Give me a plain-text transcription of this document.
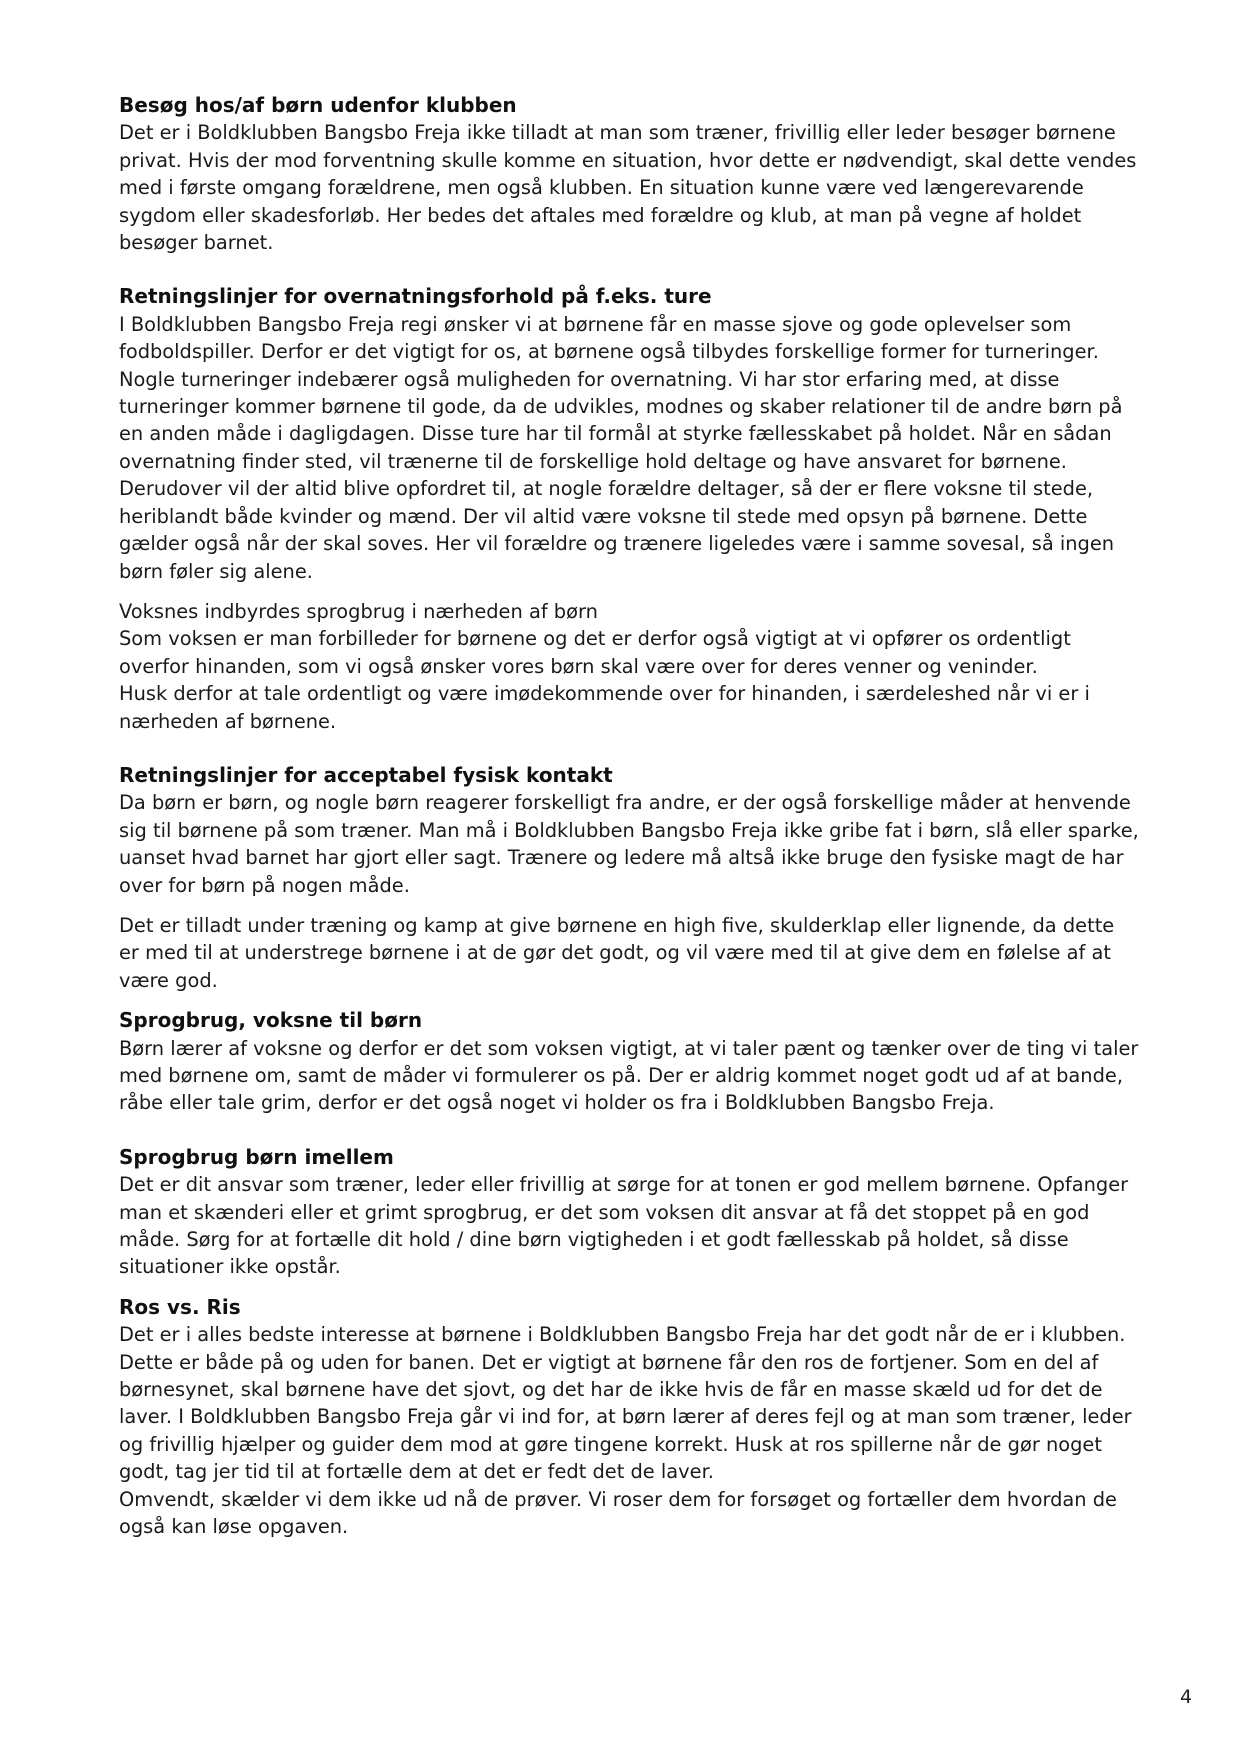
Besøg hos/af børn udenfor klubben

Det er i Boldklubben Bangsbo Freja ikke tilladt at man som træner, frivillig eller leder besøger børnene privat. Hvis der mod forventning skulle komme en situation, hvor dette er nødvendigt, skal dette vendes med i første omgang forældrene, men også klubben. En situation kunne være ved længerevarende sygdom eller skadesforløb. Her bedes det aftales med forældre og klub, at man på vegne af holdet besøger barnet.

Retningslinjer for overnatningsforhold på f.eks. ture

I Boldklubben Bangsbo Freja regi ønsker vi at børnene får en masse sjove og gode oplevelser som fodboldspiller. Derfor er det vigtigt for os, at børnene også tilbydes forskellige former for turneringer. Nogle turneringer indebærer også muligheden for overnatning. Vi har stor erfaring med, at disse turneringer kommer børnene til gode, da de udvikles, modnes og skaber relationer til de andre børn på en anden måde i dagligdagen. Disse ture har til formål at styrke fællesskabet på holdet. Når en sådan overnatning finder sted, vil trænerne til de forskellige hold deltage og have ansvaret for børnene. Derudover vil der altid blive opfordret til, at nogle forældre deltager, så der er flere voksne til stede, heriblandt både kvinder og mænd. Der vil altid være voksne til stede med opsyn på børnene. Dette gælder også når der skal soves. Her vil forældre og trænere ligeledes være i samme sovesal, så ingen børn føler sig alene.

Voksnes indbyrdes sprogbrug i nærheden af børn

Som voksen er man forbilleder for børnene og det er derfor også vigtigt at vi opfører os ordentligt overfor hinanden, som vi også ønsker vores børn skal være over for deres venner og veninder.

Husk derfor at tale ordentligt og være imødekommende over for hinanden, i særdeleshed når vi er i nærheden af børnene.

Retningslinjer for acceptabel fysisk kontakt

Da børn er børn, og nogle børn reagerer forskelligt fra andre, er der også forskellige måder at henvende sig til børnene på som træner. Man må i Boldklubben Bangsbo Freja ikke gribe fat i børn, slå eller sparke, uanset hvad barnet har gjort eller sagt. Trænere og ledere må altså ikke bruge den fysiske magt de har over for børn på nogen måde.

Det er tilladt under træning og kamp at give børnene en high five, skulderklap eller lignende, da dette er med til at understrege børnene i at de gør det godt, og vil være med til at give dem en følelse af at være god.

Sprogbrug, voksne til børn

Børn lærer af voksne og derfor er det som voksen vigtigt, at vi taler pænt og tænker over de ting vi taler med børnene om, samt de måder vi formulerer os på. Der er aldrig kommet noget godt ud af at bande, råbe eller tale grim, derfor er det også noget vi holder os fra i Boldklubben Bangsbo Freja.

Sprogbrug børn imellem

Det er dit ansvar som træner, leder eller frivillig at sørge for at tonen er god mellem børnene. Opfanger man et skænderi eller et grimt sprogbrug, er det som voksen dit ansvar at få det stoppet på en god måde. Sørg for at fortælle dit hold / dine børn vigtigheden i et godt fællesskab på holdet, så disse situationer ikke opstår.

Ros vs. Ris

Det er i alles bedste interesse at børnene i Boldklubben Bangsbo Freja har det godt når de er i klubben. Dette er både på og uden for banen. Det er vigtigt at børnene får den ros de fortjener. Som en del af børnesynet, skal børnene have det sjovt, og det har de ikke hvis de får en masse skæld ud for det de laver. I Boldklubben Bangsbo Freja går vi ind for, at børn lærer af deres fejl og at man som træner, leder og frivillig hjælper og guider dem mod at gøre tingene korrekt. Husk at ros spillerne når de gør noget godt, tag jer tid til at fortælle dem at det er fedt det de laver.

Omvendt, skælder vi dem ikke ud nå de prøver. Vi roser dem for forsøget og fortæller dem hvordan de også kan løse opgaven.

4
